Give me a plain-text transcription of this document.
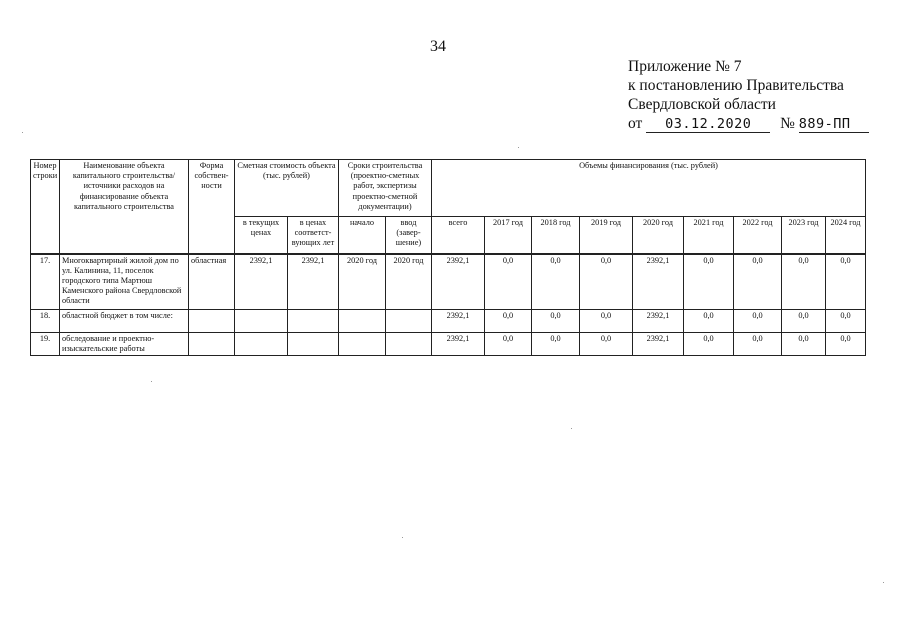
34
Приложение № 7
к постановлению Правительства
Свердловской области
от 03.12.2020 № 889-ПП
Номер строки	Наименование объекта капитального строительства/ источники расходов на финансирование объекта капитального строительства	Форма собствен-ности	Сметная стоимость объекта (тыс. рублей)		Сроки строительства (проектно-сметных работ, экспертизы проектно-сметной документации)		Объемы финансирования (тыс. рублей)								
			в текущих ценах	в ценах соответст-вующих лет	начало	ввод (завер-шение)	всего	2017 год	2018 год	2019 год	2020 год	2021 год	2022 год	2023 год	2024 год
17.	Многоквартирный жилой дом по ул. Калинина, 11, поселок городского типа Мартюш Каменского района Свердловской области	областная	2392,1	2392,1	2020 год	2020 год	2392,1	0,0	0,0	0,0	2392,1	0,0	0,0	0,0	0,0
18.	областной бюджет в том числе:						2392,1	0,0	0,0	0,0	2392,1	0,0	0,0	0,0	0,0
19.	обследование и проектно-изыскательские работы						2392,1	0,0	0,0	0,0	2392,1	0,0	0,0	0,0	0,0
